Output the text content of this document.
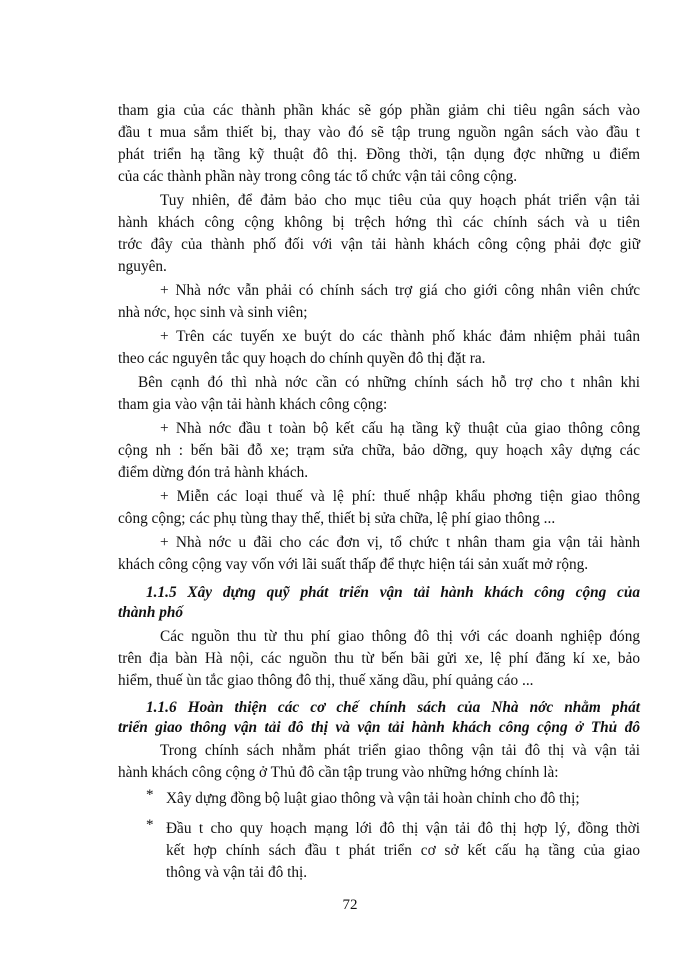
tham gia của các thành phần khác sẽ góp phần giảm chi tiêu ngân sách vào
đầu t mua sắm thiết bị, thay vào đó sẽ tập trung nguồn ngân sách vào đầu t
phát triển hạ tầng kỹ thuật đô thị. Đồng thời, tận dụng đợc những u điểm
của các thành phần này trong công tác tổ chức vận tải công cộng.
Tuy nhiên, để đảm bảo cho mục tiêu của quy hoạch phát triển vận tải
hành khách công cộng không bị trệch hớng thì các chính sách và u tiên
trớc đây của thành phố đối với vận tải hành khách công cộng phải đợc giữ
nguyên.
+ Nhà nớc vẫn phải có chính sách trợ giá cho giới công nhân viên chức
nhà nớc, học sinh và sinh viên;
+ Trên các tuyến xe buýt do các thành phố khác đảm nhiệm phải tuân
theo các nguyên tắc quy hoạch do chính quyền đô thị đặt ra.
Bên cạnh đó thì nhà nớc cần có những chính sách hỗ trợ cho t nhân khi
tham gia vào vận tải hành khách công cộng:
+ Nhà nớc đầu t toàn bộ kết cấu hạ tầng kỹ thuật của giao thông công
cộng nh : bến bãi đỗ xe; trạm sửa chữa, bảo dỡng, quy hoạch xây dựng các
điểm dừng đón trả hành khách.
+ Miễn các loại thuế và lệ phí: thuế nhập khẩu phơng tiện giao thông
công cộng; các phụ tùng thay thế, thiết bị sửa chữa, lệ phí giao thông ...
+ Nhà nớc u đãi cho các đơn vị, tổ chức t nhân tham gia vận tải hành
khách công cộng vay vốn với lãi suất thấp để thực hiện tái sản xuất mở rộng.
1.1.5 Xây dựng quỹ phát triển vận tải hành khách công cộng của
thành phố
Các nguồn thu từ thu phí giao thông đô thị với các doanh nghiệp đóng
trên địa bàn Hà nội, các nguồn thu từ bến bãi gửi xe, lệ phí đăng kí xe, bảo
hiểm, thuế ùn tắc giao thông đô thị, thuế xăng dầu, phí quảng cáo ...
1.1.6 Hoàn thiện các cơ chế chính sách của Nhà nớc nhằm phát
triển giao thông vận tải đô thị và vận tải hành khách công cộng ở Thủ đô
Trong chính sách nhằm phát triển giao thông vận tải đô thị và vận tải
hành khách công cộng ở Thủ đô cần tập trung vào những hớng chính là:
* Xây dựng đồng bộ luật giao thông và vận tải hoàn chỉnh cho đô thị;
* Đầu t cho quy hoạch mạng lới đô thị vận tải đô thị hợp lý, đồng thời
kết hợp chính sách đầu t phát triển cơ sở kết cấu hạ tầng của giao
thông và vận tải đô thị.
72
